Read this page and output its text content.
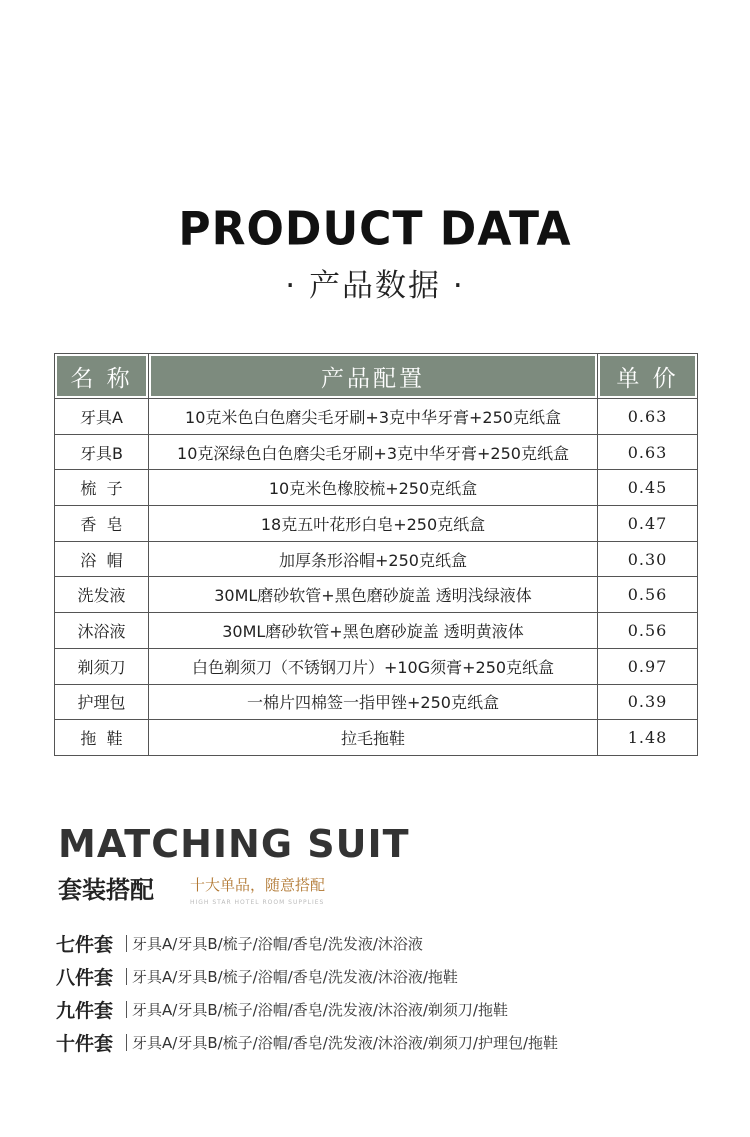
PRODUCT DATA
· 产品数据 ·
名 称	产品配置	单 价
牙具A	10克米色白色磨尖毛牙刷+3克中华牙膏+250克纸盒	0.63
牙具B	10克深绿色白色磨尖毛牙刷+3克中华牙膏+250克纸盒	0.63
梳  子	10克米色橡胶梳+250克纸盒	0.45
香  皂	18克五叶花形白皂+250克纸盒	0.47
浴  帽	加厚条形浴帽+250克纸盒	0.30
洗发液	30ML磨砂软管+黑色磨砂旋盖 透明浅绿液体	0.56
沐浴液	30ML磨砂软管+黑色磨砂旋盖 透明黄液体	0.56
剃须刀	白色剃须刀（不锈钢刀片）+10G须膏+250克纸盒	0.97
护理包	一棉片四棉签一指甲锉+250克纸盒	0.39
拖  鞋	拉毛拖鞋	1.48
MATCHING SUIT
套装搭配 十大单品，随意搭配
HIGH STAR HOTEL ROOM SUPPLIES
七件套	牙具A/牙具B/梳子/浴帽/香皂/洗发液/沐浴液
八件套	牙具A/牙具B/梳子/浴帽/香皂/洗发液/沐浴液/拖鞋
九件套	牙具A/牙具B/梳子/浴帽/香皂/洗发液/沐浴液/剃须刀/拖鞋
十件套	牙具A/牙具B/梳子/浴帽/香皂/洗发液/沐浴液/剃须刀/护理包/拖鞋
